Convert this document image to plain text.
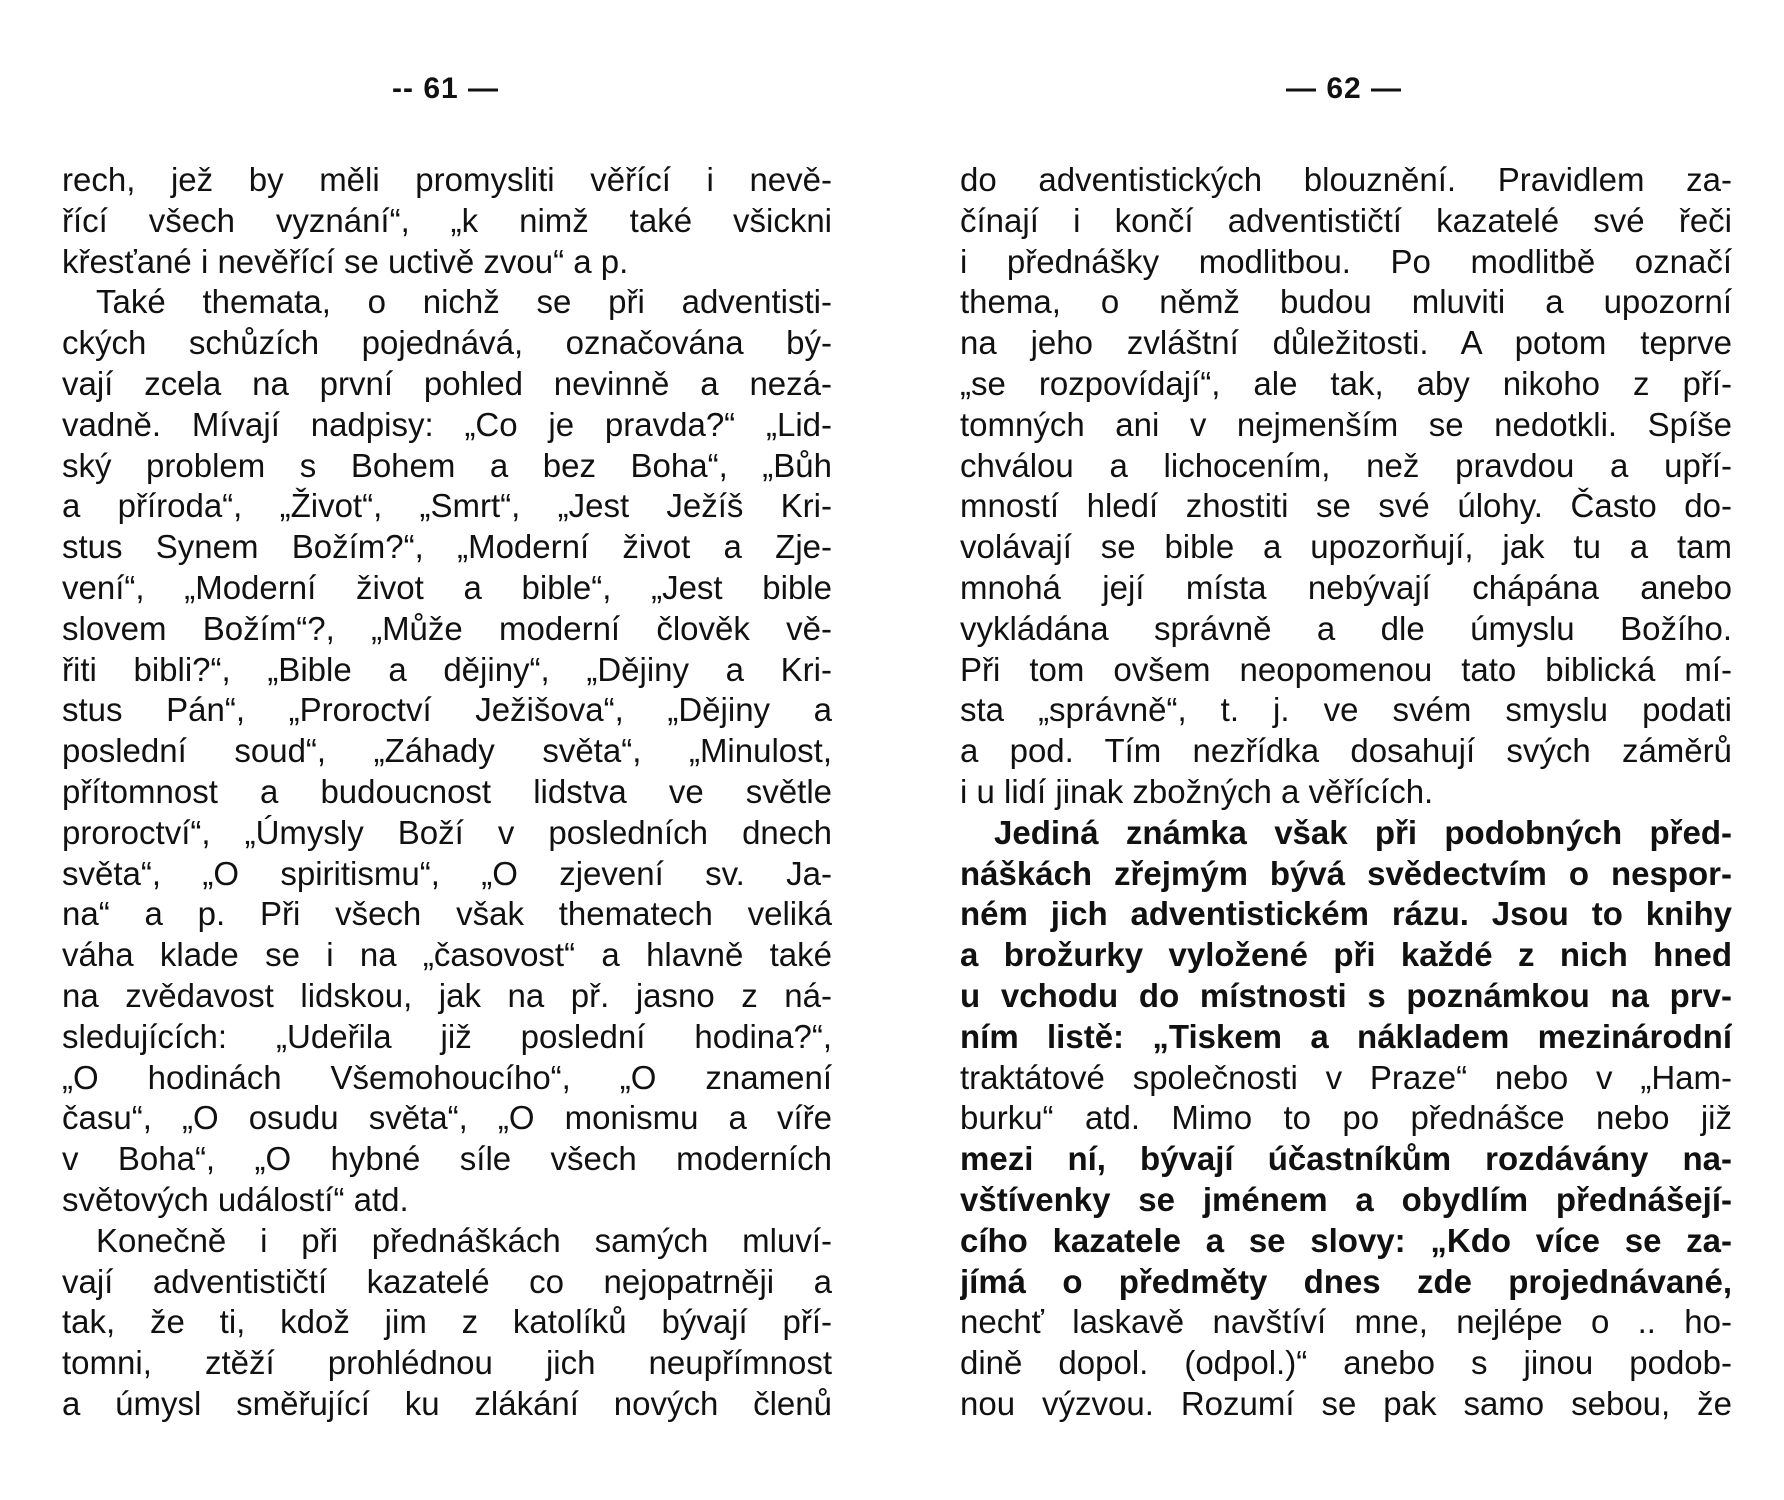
-- 61 —
rech, jež by měli promysliti věřící i nevě-
řící všech vyznání“, „k nimž také všickni
křesťané i nevěřící se uctivě zvou“ a p.
Také themata, o nichž se při adventisti-
ckých schůzích pojednává, označována bý-
vají zcela na první pohled nevinně a nezá-
vadně. Mívají nadpisy: „Co je pravda?“ „Lid-
ský problem s Bohem a bez Boha“, „Bůh
a příroda“, „Život“, „Smrt“, „Jest Ježíš Kri-
stus Synem Božím?“, „Moderní život a Zje-
vení“, „Moderní život a bible“, „Jest bible
slovem Božím“?, „Může moderní člověk vě-
řiti bibli?“, „Bible a dějiny“, „Dějiny a Kri-
stus Pán“, „Proroctví Ježišova“, „Dějiny a
poslední soud“, „Záhady světa“, „Minulost,
přítomnost a budoucnost lidstva ve světle
proroctví“, „Úmysly Boží v posledních dnech
světa“, „O spiritismu“, „O zjevení sv. Ja-
na“ a p. Při všech však thematech veliká
váha klade se i na „časovost“ a hlavně také
na zvědavost lidskou, jak na př. jasno z ná-
sledujících: „Udeřila již poslední hodina?“,
„O hodinách Všemohoucího“, „O znamení
času“, „O osudu světa“, „O monismu a víře
v Boha“, „O hybné síle všech moderních
světových událostí“ atd.
Konečně i při přednáškách samých mluví-
vají adventističtí kazatelé co nejopatrněji a
tak, že ti, kdož jim z katolíků bývají pří-
tomni, ztěží prohlédnou jich neupřímnost
a úmysl směřující ku zlákání nových členů
— 62 —
do adventistických blouznění. Pravidlem za-
čínají i končí adventističtí kazatelé své řeči
i přednášky modlitbou. Po modlitbě označí
thema, o němž budou mluviti a upozorní
na jeho zvláštní důležitosti. A potom teprve
„se rozpovídají“, ale tak, aby nikoho z pří-
tomných ani v nejmenším se nedotkli. Spíše
chválou a lichocením, než pravdou a upří-
mností hledí zhostiti se své úlohy. Často do-
volávají se bible a upozorňují, jak tu a tam
mnohá její místa nebývají chápána anebo
vykládána správně a dle úmyslu Božího.
Při tom ovšem neopomenou tato biblická mí-
sta „správně“, t. j. ve svém smyslu podati
a pod. Tím nezřídka dosahují svých záměrů
i u lidí jinak zbožných a věřících.
Jediná známka však při podobných před-
náškách zřejmým bývá svědectvím o nespor-
ném jich adventistickém rázu. Jsou to knihy
a brožurky vyložené při každé z nich hned
u vchodu do místnosti s poznámkou na prv-
ním listě: „Tiskem a nákladem mezinárodní
traktátové společnosti v Praze“ nebo v „Ham-
burku“ atd. Mimo to po přednášce nebo již
mezi ní, bývají účastníkům rozdávány na-
vštívenky se jménem a obydlím přednášejí-
cího kazatele a se slovy: „Kdo více se za-
jímá o předměty dnes zde projednávané,
nechť laskavě navštíví mne, nejlépe o .. ho-
dině dopol. (odpol.)“ anebo s jinou podob-
nou výzvou. Rozumí se pak samo sebou, že
